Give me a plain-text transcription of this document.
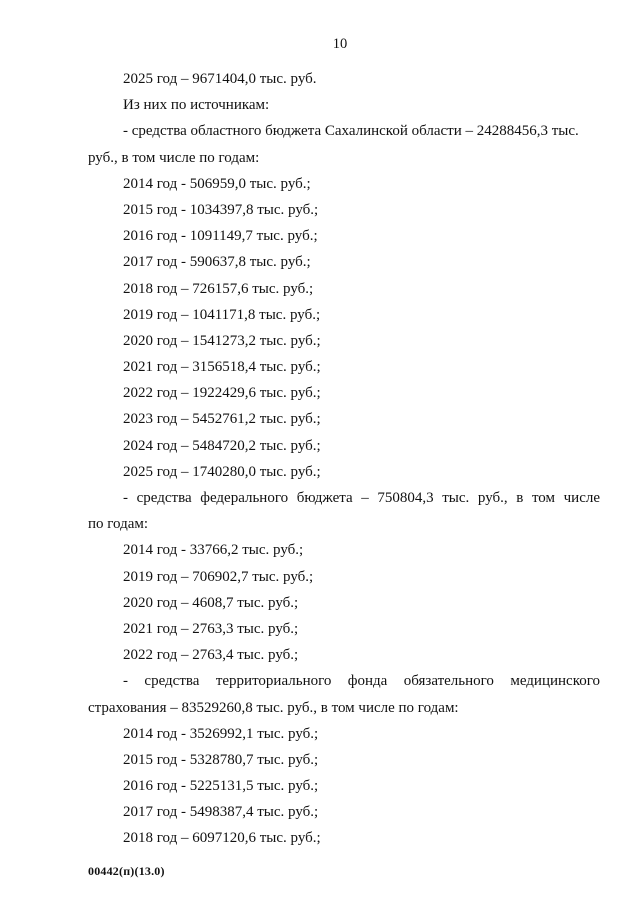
10
2025 год – 9671404,0 тыс. руб.
Из них по источникам:
- средства областного бюджета Сахалинской области – 24288456,3 тыс.
руб., в том числе по годам:
2014 год - 506959,0 тыс. руб.;
2015 год - 1034397,8 тыс. руб.;
2016 год - 1091149,7 тыс. руб.;
2017 год - 590637,8 тыс. руб.;
2018 год – 726157,6 тыс. руб.;
2019 год – 1041171,8 тыс. руб.;
2020 год – 1541273,2 тыс. руб.;
2021 год – 3156518,4 тыс. руб.;
2022 год – 1922429,6 тыс. руб.;
2023 год – 5452761,2 тыс. руб.;
2024 год – 5484720,2 тыс. руб.;
2025 год – 1740280,0 тыс. руб.;
- средства федерального бюджета – 750804,3 тыс. руб., в том числе
по годам:
2014 год - 33766,2 тыс. руб.;
2019 год – 706902,7 тыс. руб.;
2020 год – 4608,7 тыс. руб.;
2021 год – 2763,3 тыс. руб.;
2022 год – 2763,4 тыс. руб.;
- средства территориального фонда обязательного медицинского
страхования – 83529260,8 тыс. руб., в том числе по годам:
2014 год - 3526992,1 тыс. руб.;
2015 год - 5328780,7 тыс. руб.;
2016 год - 5225131,5 тыс. руб.;
2017 год - 5498387,4 тыс. руб.;
2018 год – 6097120,6 тыс. руб.;
00442(п)(13.0)
